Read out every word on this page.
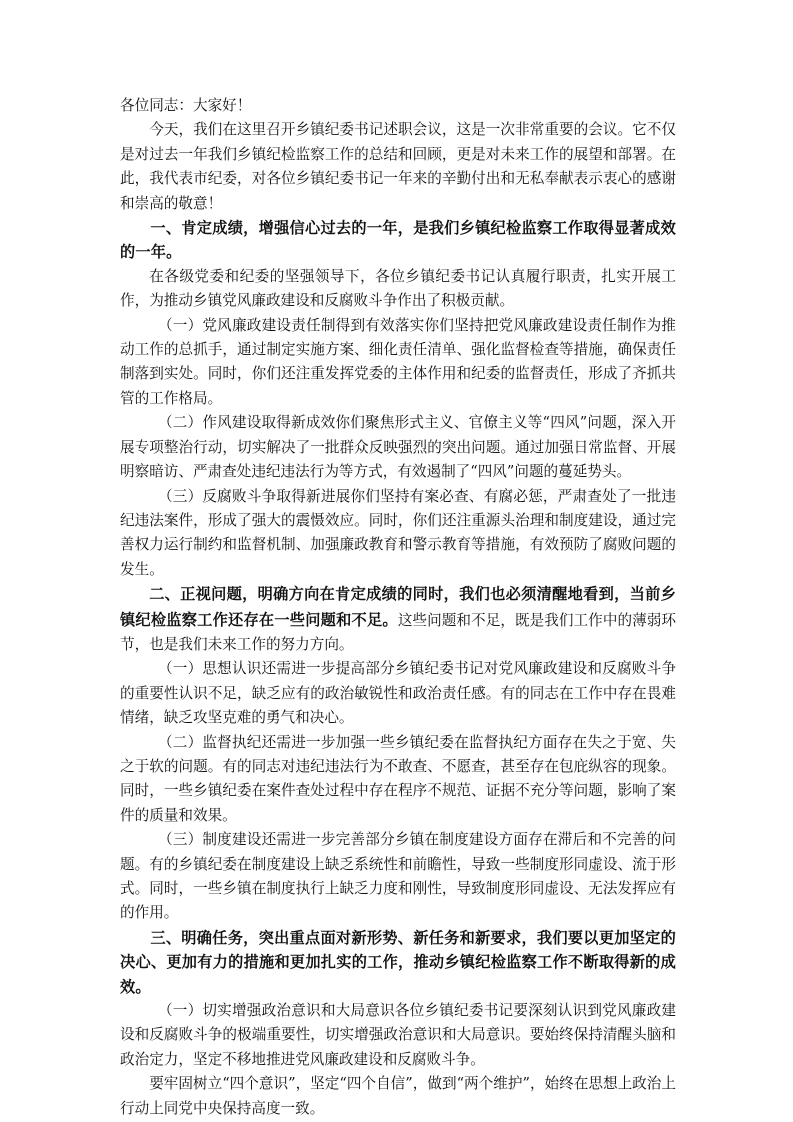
各位同志：大家好！

今天，我们在这里召开乡镇纪委书记述职会议，这是一次非常重要的会议。它不仅是对过去一年我们乡镇纪检监察工作的总结和回顾，更是对未来工作的展望和部署。在此，我代表市纪委，对各位乡镇纪委书记一年来的辛勤付出和无私奉献表示衷心的感谢和崇高的敬意！

一、肯定成绩，增强信心过去的一年，是我们乡镇纪检监察工作取得显著成效的一年。

在各级党委和纪委的坚强领导下，各位乡镇纪委书记认真履行职责，扎实开展工作，为推动乡镇党风廉政建设和反腐败斗争作出了积极贡献。

（一）党风廉政建设责任制得到有效落实你们坚持把党风廉政建设责任制作为推动工作的总抓手，通过制定实施方案、细化责任清单、强化监督检查等措施，确保责任制落到实处。同时，你们还注重发挥党委的主体作用和纪委的监督责任，形成了齐抓共管的工作格局。

（二）作风建设取得新成效你们聚焦形式主义、官僚主义等“四风”问题，深入开展专项整治行动，切实解决了一批群众反映强烈的突出问题。通过加强日常监督、开展明察暗访、严肃查处违纪违法行为等方式，有效遏制了“四风”问题的蔓延势头。

（三）反腐败斗争取得新进展你们坚持有案必查、有腐必惩，严肃查处了一批违纪违法案件，形成了强大的震慑效应。同时，你们还注重源头治理和制度建设，通过完善权力运行制约和监督机制、加强廉政教育和警示教育等措施，有效预防了腐败问题的发生。

二、正视问题，明确方向在肯定成绩的同时，我们也必须清醒地看到，当前乡镇纪检监察工作还存在一些问题和不足。这些问题和不足，既是我们工作中的薄弱环节，也是我们未来工作的努力方向。

（一）思想认识还需进一步提高部分乡镇纪委书记对党风廉政建设和反腐败斗争的重要性认识不足，缺乏应有的政治敏锐性和政治责任感。有的同志在工作中存在畏难情绪，缺乏攻坚克难的勇气和决心。

（二）监督执纪还需进一步加强一些乡镇纪委在监督执纪方面存在失之于宽、失之于软的问题。有的同志对违纪违法行为不敢查、不愿查，甚至存在包庇纵容的现象。同时，一些乡镇纪委在案件查处过程中存在程序不规范、证据不充分等问题，影响了案件的质量和效果。

（三）制度建设还需进一步完善部分乡镇在制度建设方面存在滞后和不完善的问题。有的乡镇纪委在制度建设上缺乏系统性和前瞻性，导致一些制度形同虚设、流于形式。同时，一些乡镇在制度执行上缺乏力度和刚性，导致制度形同虚设、无法发挥应有的作用。

三、明确任务，突出重点面对新形势、新任务和新要求，我们要以更加坚定的决心、更加有力的措施和更加扎实的工作，推动乡镇纪检监察工作不断取得新的成效。

（一）切实增强政治意识和大局意识各位乡镇纪委书记要深刻认识到党风廉政建设和反腐败斗争的极端重要性，切实增强政治意识和大局意识。要始终保持清醒头脑和政治定力，坚定不移地推进党风廉政建设和反腐败斗争。

要牢固树立“四个意识”，坚定“四个自信”，做到“两个维护”，始终在思想上政治上行动上同党中央保持高度一致。
